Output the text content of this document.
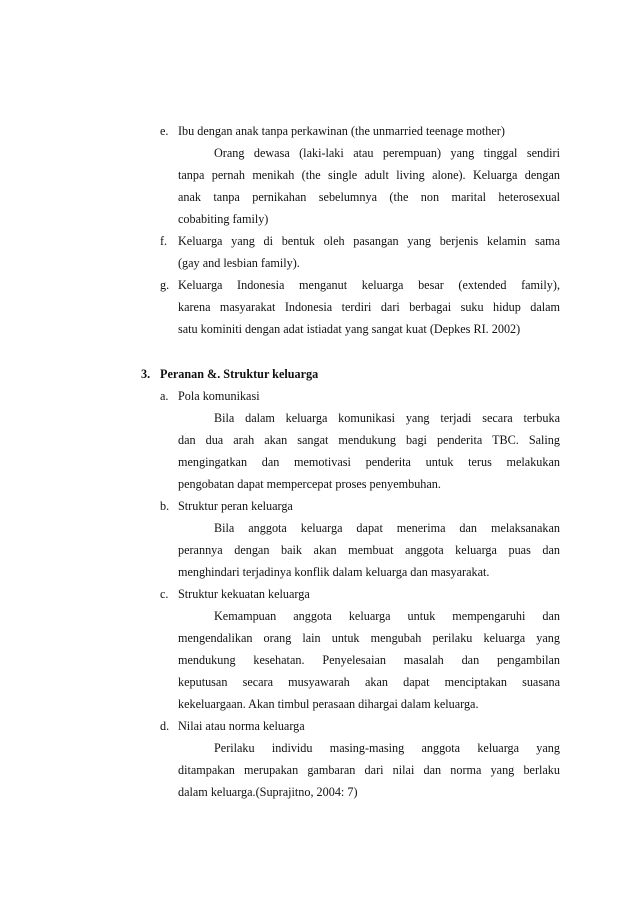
e. Ibu dengan anak tanpa perkawinan (the unmarried teenage mother)
Orang dewasa (laki-laki atau perempuan) yang tinggal sendiri
tanpa pernah menikah (the single adult living alone). Keluarga dengan
anak tanpa pernikahan sebelumnya (the non marital heterosexual
cobabiting family)
f. Keluarga yang di bentuk oleh pasangan yang berjenis kelamin sama
(gay and lesbian family).
g. Keluarga Indonesia menganut keluarga besar (extended family),
karena masyarakat Indonesia terdiri dari berbagai suku hidup dalam
satu kominiti dengan adat istiadat yang sangat kuat (Depkes RI. 2002)
3. Peranan &. Struktur keluarga
a. Pola komunikasi
Bila dalam keluarga komunikasi yang terjadi secara terbuka
dan dua arah akan sangat mendukung bagi penderita TBC. Saling
mengingatkan dan memotivasi penderita untuk terus melakukan
pengobatan dapat mempercepat proses penyembuhan.
b. Struktur peran keluarga
Bila anggota keluarga dapat menerima dan melaksanakan
perannya dengan baik akan membuat anggota keluarga puas dan
menghindari terjadinya konflik dalam keluarga dan masyarakat.
c. Struktur kekuatan keluarga
Kemampuan anggota keluarga untuk mempengaruhi dan
mengendalikan orang lain untuk mengubah perilaku keluarga yang
mendukung kesehatan. Penyelesaian masalah dan pengambilan
keputusan secara musyawarah akan dapat menciptakan suasana
kekeluargaan. Akan timbul perasaan dihargai dalam keluarga.
d. Nilai atau norma keluarga
Perilaku individu masing-masing anggota keluarga yang
ditampakan merupakan gambaran dari nilai dan norma yang berlaku
dalam keluarga.(Suprajitno, 2004: 7)
